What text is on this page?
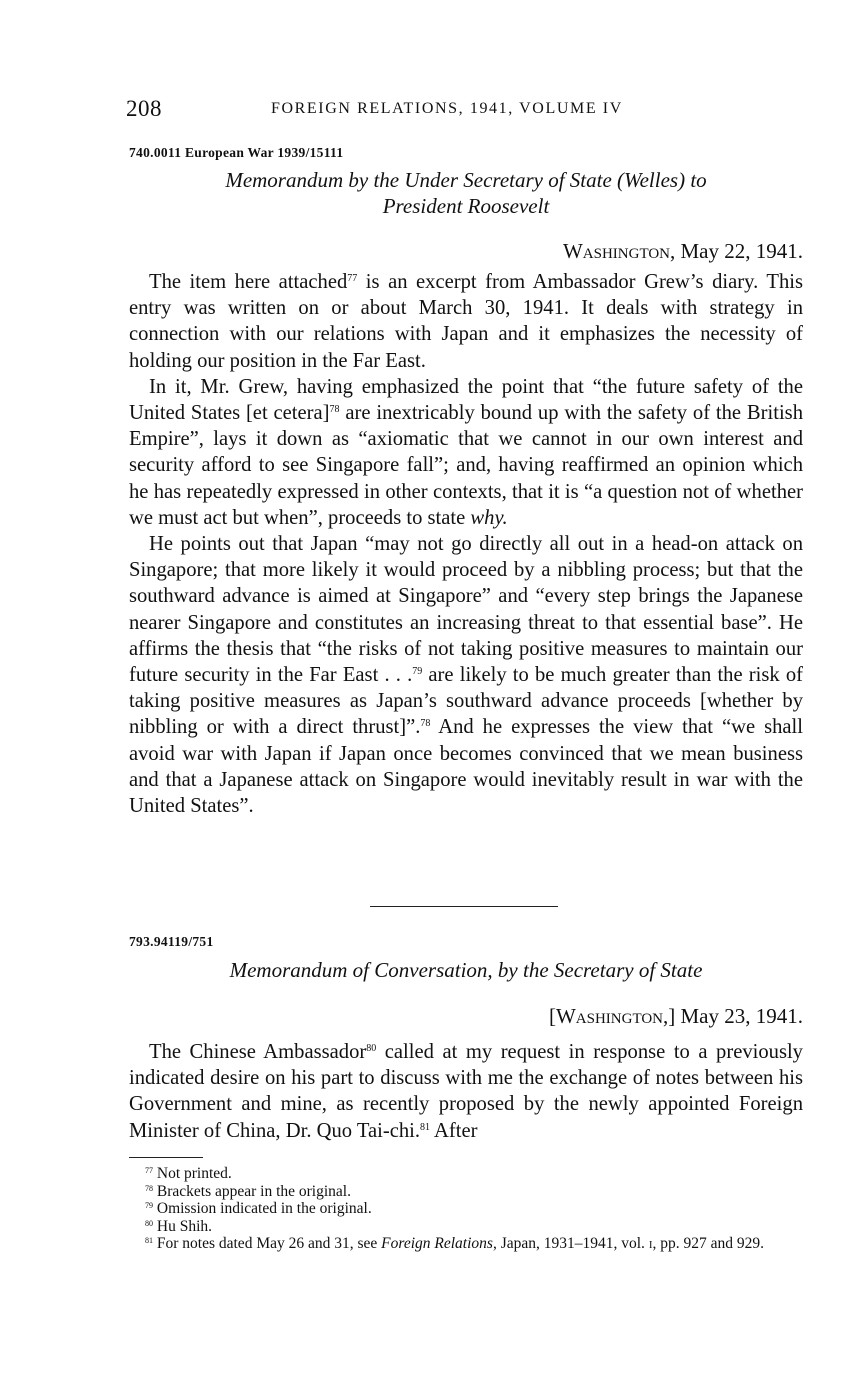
208	FOREIGN RELATIONS, 1941, VOLUME IV
740.0011 European War 1939/15111
Memorandum by the Under Secretary of State (Welles) to
President Roosevelt
Washington, May 22, 1941.

The item here attached$^{77}$ is an excerpt from Ambassador Grew’s diary. This entry was written on or about March 30, 1941. It deals with strategy in connection with our relations with Japan and it emphasizes the necessity of holding our position in the Far East.

In it, Mr. Grew, having emphasized the point that “the future safety of the United States [et cetera]$^{78}$ are inextricably bound up with the safety of the British Empire”, lays it down as “axiomatic that we cannot in our own interest and security afford to see Singapore fall”; and, having reaffirmed an opinion which he has repeatedly expressed in other contexts, that it is “a question not of whether we must act but when”, proceeds to state why.

He points out that Japan “may not go directly all out in a head-on attack on Singapore; that more likely it would proceed by a nibbling process; but that the southward advance is aimed at Singapore” and “every step brings the Japanese nearer Singapore and constitutes an increasing threat to that essential base”. He affirms the thesis that “the risks of not taking positive measures to maintain our future security in the Far East . . .$^{79}$ are likely to be much greater than the risk of taking positive measures as Japan’s southward advance proceeds [whether by nibbling or with a direct thrust]”.$^{78}$ And he expresses the view that “we shall avoid war with Japan if Japan once becomes convinced that we mean business and that a Japanese attack on Singapore would inevitably result in war with the United States”.

793.94119/751
Memorandum of Conversation, by the Secretary of State
[Washington,] May 23, 1941.

The Chinese Ambassador$^{80}$ called at my request in response to a previously indicated desire on his part to discuss with me the exchange of notes between his Government and mine, as recently proposed by the newly appointed Foreign Minister of China, Dr. Quo Tai-chi.$^{81}$ After

$^{77}$ Not printed.
$^{78}$ Brackets appear in the original.
$^{79}$ Omission indicated in the original.
$^{80}$ Hu Shih.
$^{81}$ For notes dated May 26 and 31, see Foreign Relations, Japan, 1931–1941, vol. i, pp. 927 and 929.
